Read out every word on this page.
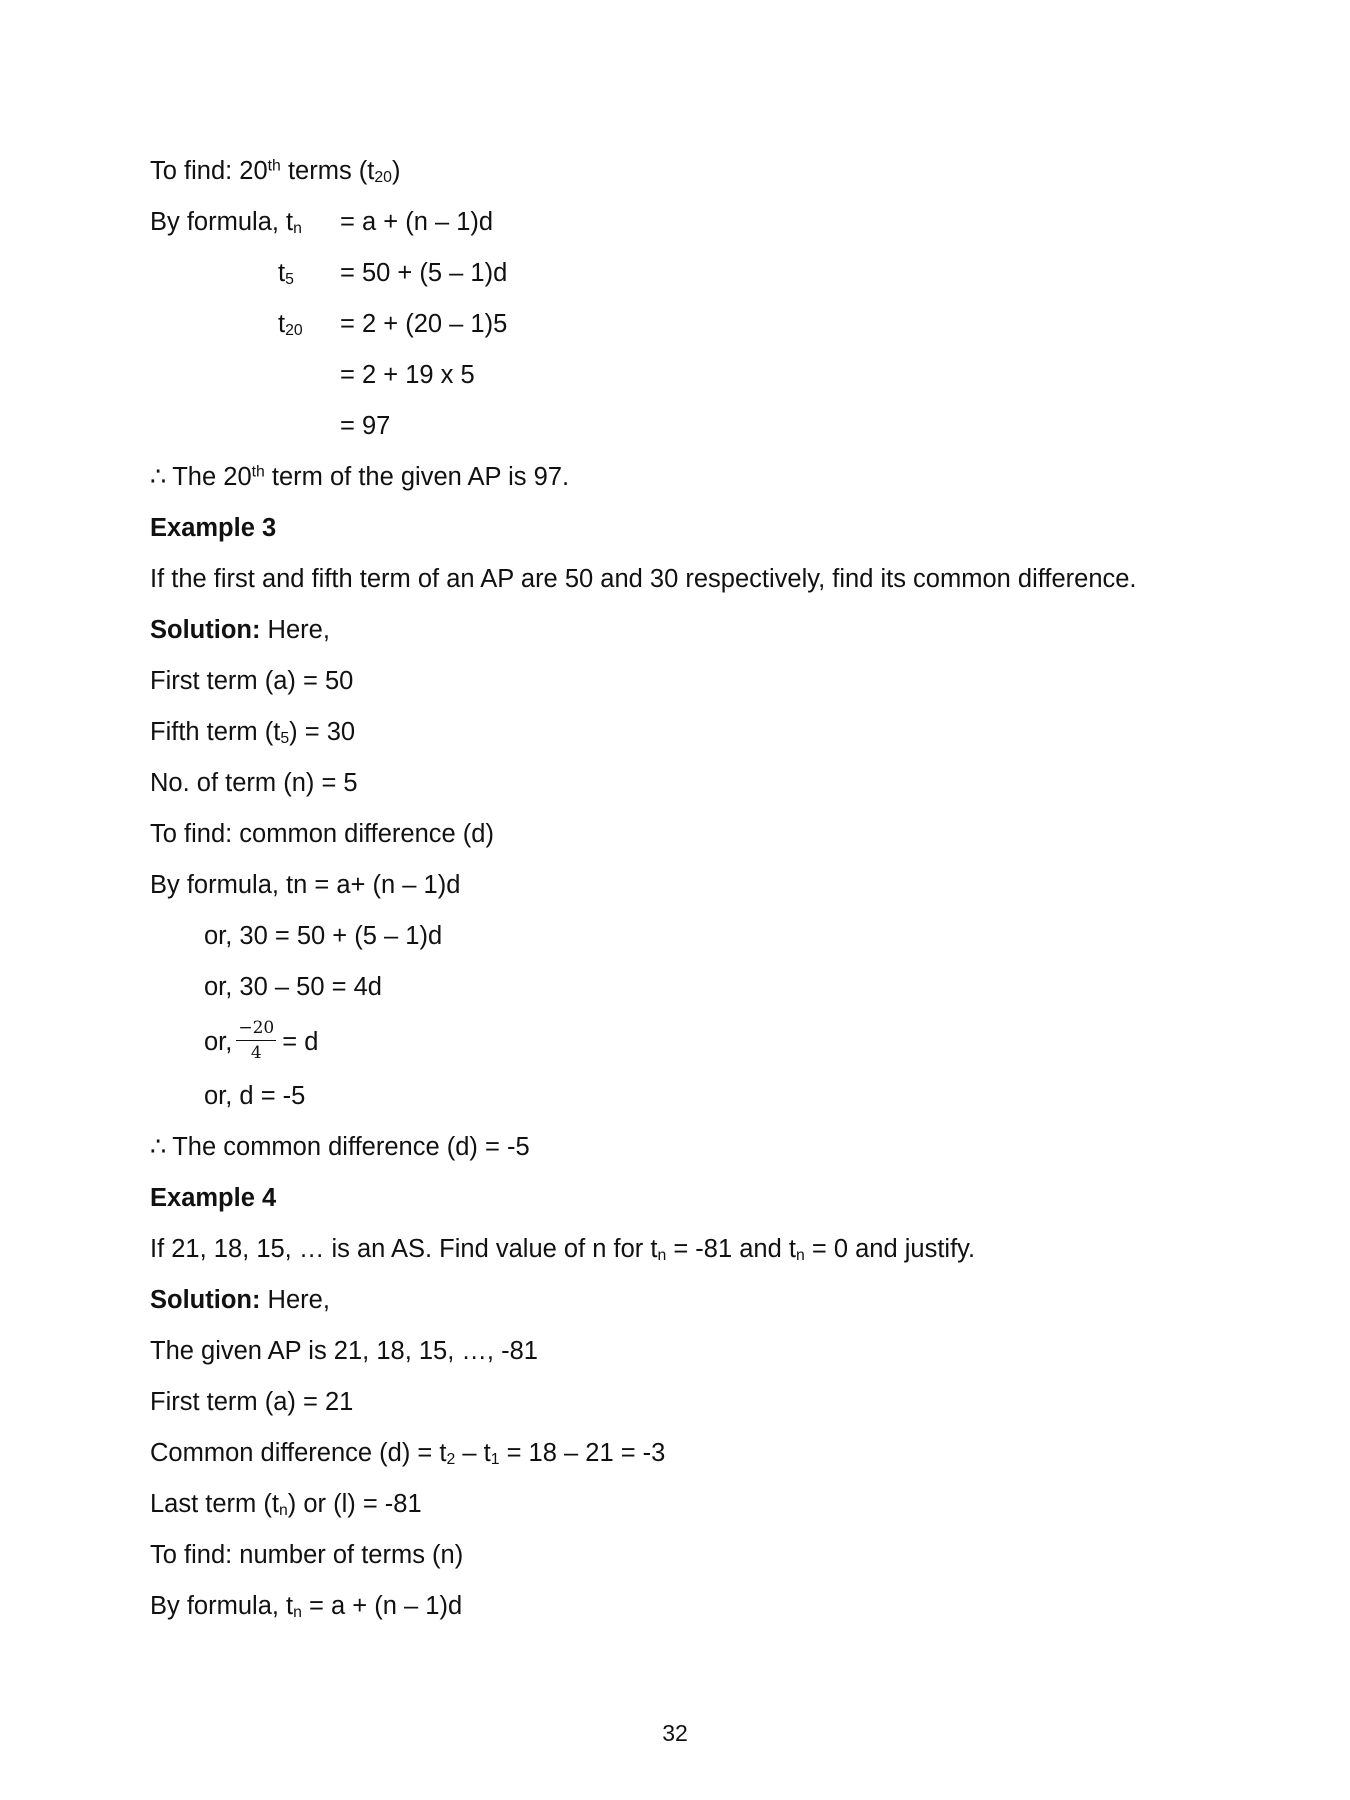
To find: 20th terms $(t_{20})$
By formula, $t_n = a + (n - 1)d$
$t_5 = 50 + (5 - 1)d$
$t_{20} = 2 + (20 - 1)5$
= 2 + 19 x 5
= 97
∴ The 20th term of the given AP is 97.
Example 3
If the first and fifth term of an AP are 50 and 30 respectively, find its common difference.
Solution: Here,
First term (a) = 50
Fifth term $(t_5) = 30$
No. of term (n) = 5
To find: common difference (d)
By formula, tn = a+ (n – 1)d
or, 30 = 50 + (5 – 1)d
or, 30 – 50 = 4d
or, $\frac{-20}{4} = d$
or, d = -5
∴ The common difference (d) = -5
Example 4
If 21, 18, 15, … is an AS. Find value of n for $t_n = -81$ and $t_n = 0$ and justify.
Solution: Here,
The given AP is 21, 18, 15, …, -81
First term (a) = 21
Common difference $(d) = t_2 - t_1 = 18 - 21 = -3$
Last term $(t_n)$ or (l) = -81
To find: number of terms (n)
By formula, $t_n = a + (n - 1)d$
32
